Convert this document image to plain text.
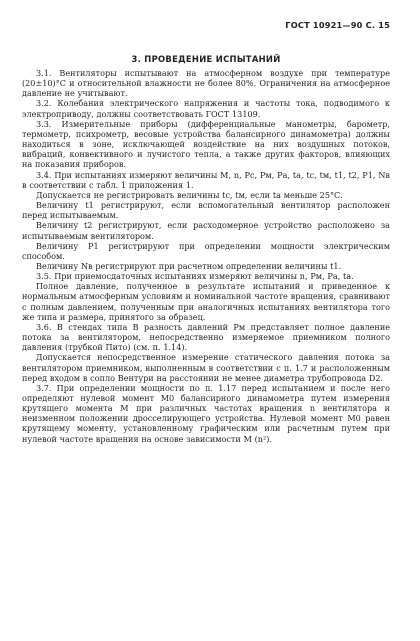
ГОСТ 10921—90 С. 15
3. ПРОВЕДЕНИЕ ИСПЫТАНИЙ

3.1. Вентиляторы испытывают на атмосферном воздухе при температуре (20±10)°С и относительной влажности не более 80%. Ограничения на атмосферное давление не учитывают.

3.2. Колебания электрического напряжения и частоты тока, подводимого к электроприводу, должны соответствовать ГОСТ 13109.

3.3. Измерительные приборы (дифференциальные манометры, барометр, термометр, психрометр, весовые устройства балансирного динамометра) должны находиться в зоне, исключающей воздействие на них воздушных потоков, вибраций, конвективного и лучистого тепла, а также других факторов, влияющих на показания приборов.

3.4. При испытаниях измеряют величины M, n, Pс, Pм, Pа, tа, tс, tм, t1, t2, P1, Nв в соответствии с табл. 1 приложения 1.

Допускается не регистрировать величины tс, tм, если tа меньше 25°С.

Величину t1 регистрируют, если вспомогательный вентилятор расположен перед испытываемым.

Величину t2 регистрируют, если расходомерное устройство расположено за испытываемым вентилятором.

Величину P1 регистрируют при определении мощности электрическим способом.

Величину Nв регистрируют при расчетном определении величины t1.

3.5. При приемосдаточных испытаниях измеряют величины n, Pм, Pа, tа.

Полное давление, полученное в результате испытаний и приведенное к нормальным атмосферным условиям и номинальной частоте вращения, сравнивают с полным давлением, полученным при аналогичных испытаниях вентилятора того же типа и размера, принятого за образец.

3.6. В стендах типа В разность давлений Pм представляет полное давление потока за вентилятором, непосредственно измеряемое приемником полного давления (трубкой Пито) (см. п. 1.14).

Допускается непосредственное измерение статического давления потока за вентилятором приемником, выполненным в соответствии с п. 1.7 и расположенным перед входом в сопло Вентури на расстоянии не менее диаметра трубопровода D2.

3.7. При определении мощности по п. 1.17 перед испытанием и после него определяют нулевой момент M0 балансирного динамометра путем измерения крутящего момента M при различных частотах вращения n вентилятора и неизменном положении дросселирующего устройства. Нулевой момент M0 равен крутящему моменту, установленному графическим или расчетным путем при нулевой частоте вращения на основе зависимости M (n²).
